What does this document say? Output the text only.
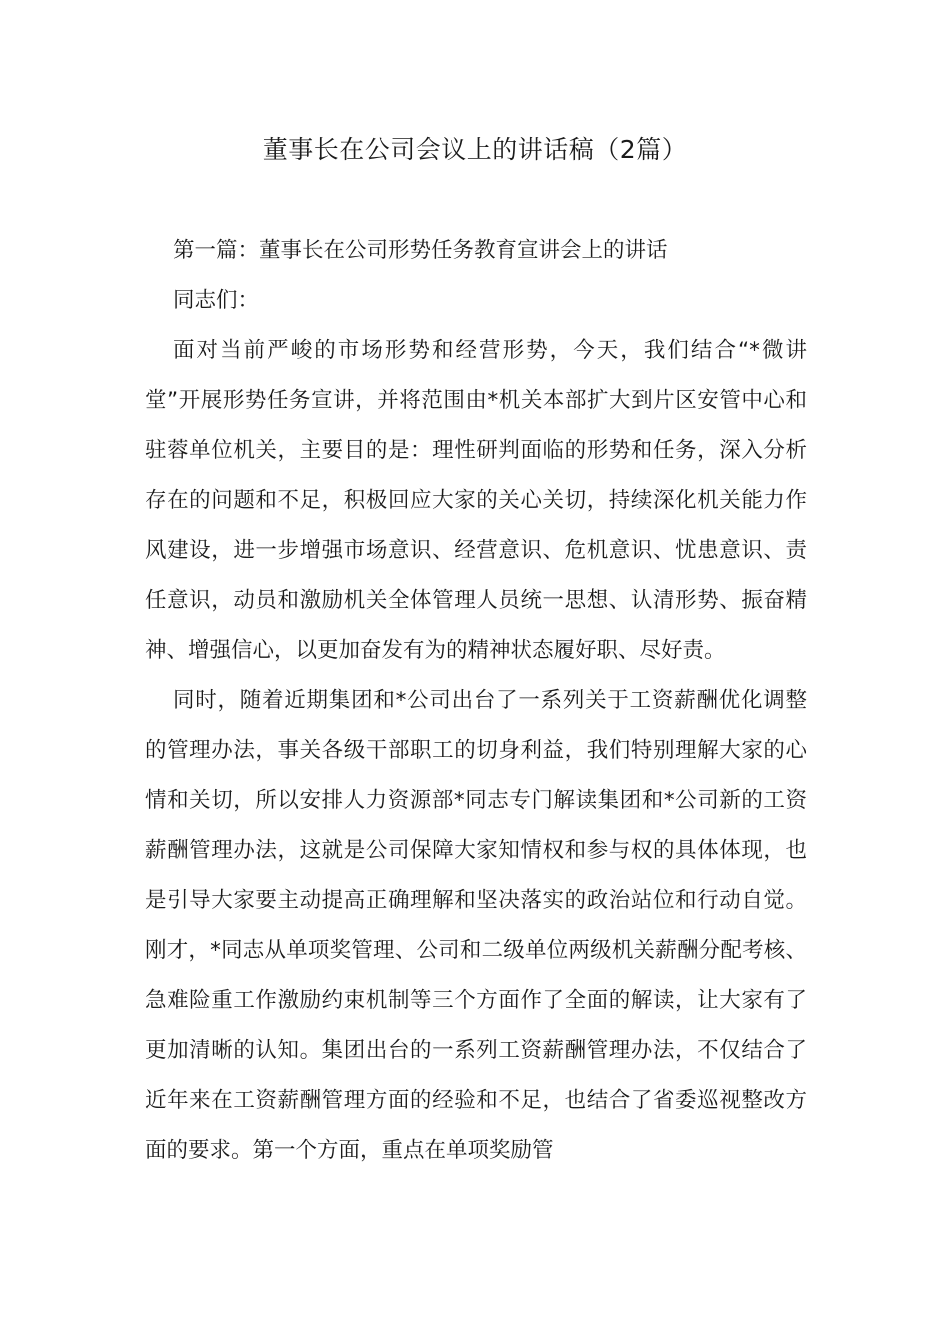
董事长在公司会议上的讲话稿（2篇）

第一篇：董事长在公司形势任务教育宣讲会上的讲话

同志们：

面对当前严峻的市场形势和经营形势，今天，我们结合“*微讲堂”开展形势任务宣讲，并将范围由*机关本部扩大到片区安管中心和驻蓉单位机关，主要目的是：理性研判面临的形势和任务，深入分析存在的问题和不足，积极回应大家的关心关切，持续深化机关能力作风建设，进一步增强市场意识、经营意识、危机意识、忧患意识、责任意识，动员和激励机关全体管理人员统一思想、认清形势、振奋精神、增强信心，以更加奋发有为的精神状态履好职、尽好责。

同时，随着近期集团和*公司出台了一系列关于工资薪酬优化调整的管理办法，事关各级干部职工的切身利益，我们特别理解大家的心情和关切，所以安排人力资源部*同志专门解读集团和*公司新的工资薪酬管理办法，这就是公司保障大家知情权和参与权的具体体现，也是引导大家要主动提高正确理解和坚决落实的政治站位和行动自觉。刚才，*同志从单项奖管理、公司和二级单位两级机关薪酬分配考核、急难险重工作激励约束机制等三个方面作了全面的解读，让大家有了更加清晰的认知。集团出台的一系列工资薪酬管理办法，不仅结合了近年来在工资薪酬管理方面的经验和不足，也结合了省委巡视整改方面的要求。第一个方面，重点在单项奖励管
